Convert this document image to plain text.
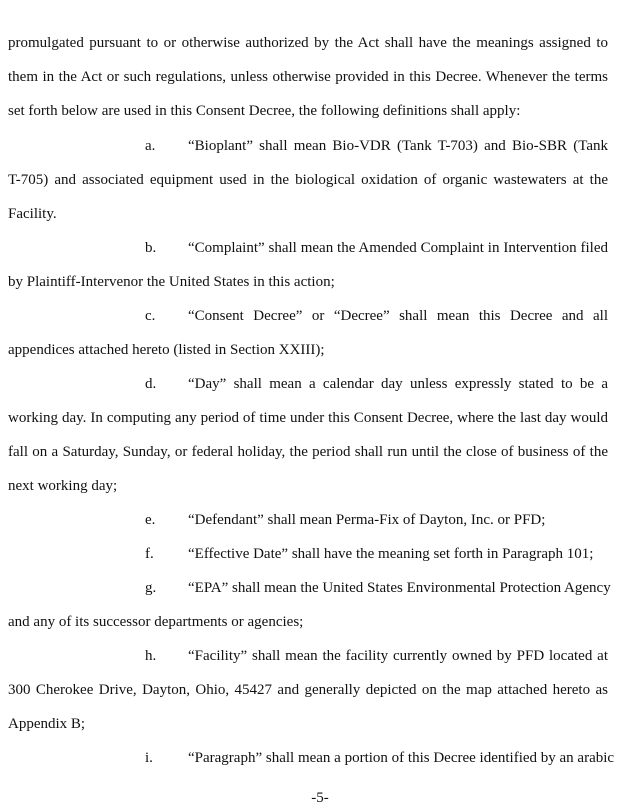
promulgated pursuant to or otherwise authorized by the Act shall have the meanings assigned to
them in the Act or such regulations, unless otherwise provided in this Decree. Whenever the terms
set forth below are used in this Consent Decree, the following definitions shall apply:
a. “Bioplant” shall mean Bio-VDR (Tank T-703) and Bio-SBR (Tank
T-705) and associated equipment used in the biological oxidation of organic wastewaters at the
Facility.
b. “Complaint” shall mean the Amended Complaint in Intervention filed
by Plaintiff-Intervenor the United States in this action;
c. “Consent Decree” or “Decree” shall mean this Decree and all
appendices attached hereto (listed in Section XXIII);
d. “Day” shall mean a calendar day unless expressly stated to be a
working day. In computing any period of time under this Consent Decree, where the last day would
fall on a Saturday, Sunday, or federal holiday, the period shall run until the close of business of the
next working day;
e. “Defendant” shall mean Perma-Fix of Dayton, Inc. or PFD;
f. “Effective Date” shall have the meaning set forth in Paragraph 101;
g. “EPA” shall mean the United States Environmental Protection Agency
and any of its successor departments or agencies;
h. “Facility” shall mean the facility currently owned by PFD located at
300 Cherokee Drive, Dayton, Ohio, 45427 and generally depicted on the map attached hereto as
Appendix B;
i. “Paragraph” shall mean a portion of this Decree identified by an arabic
-5-
